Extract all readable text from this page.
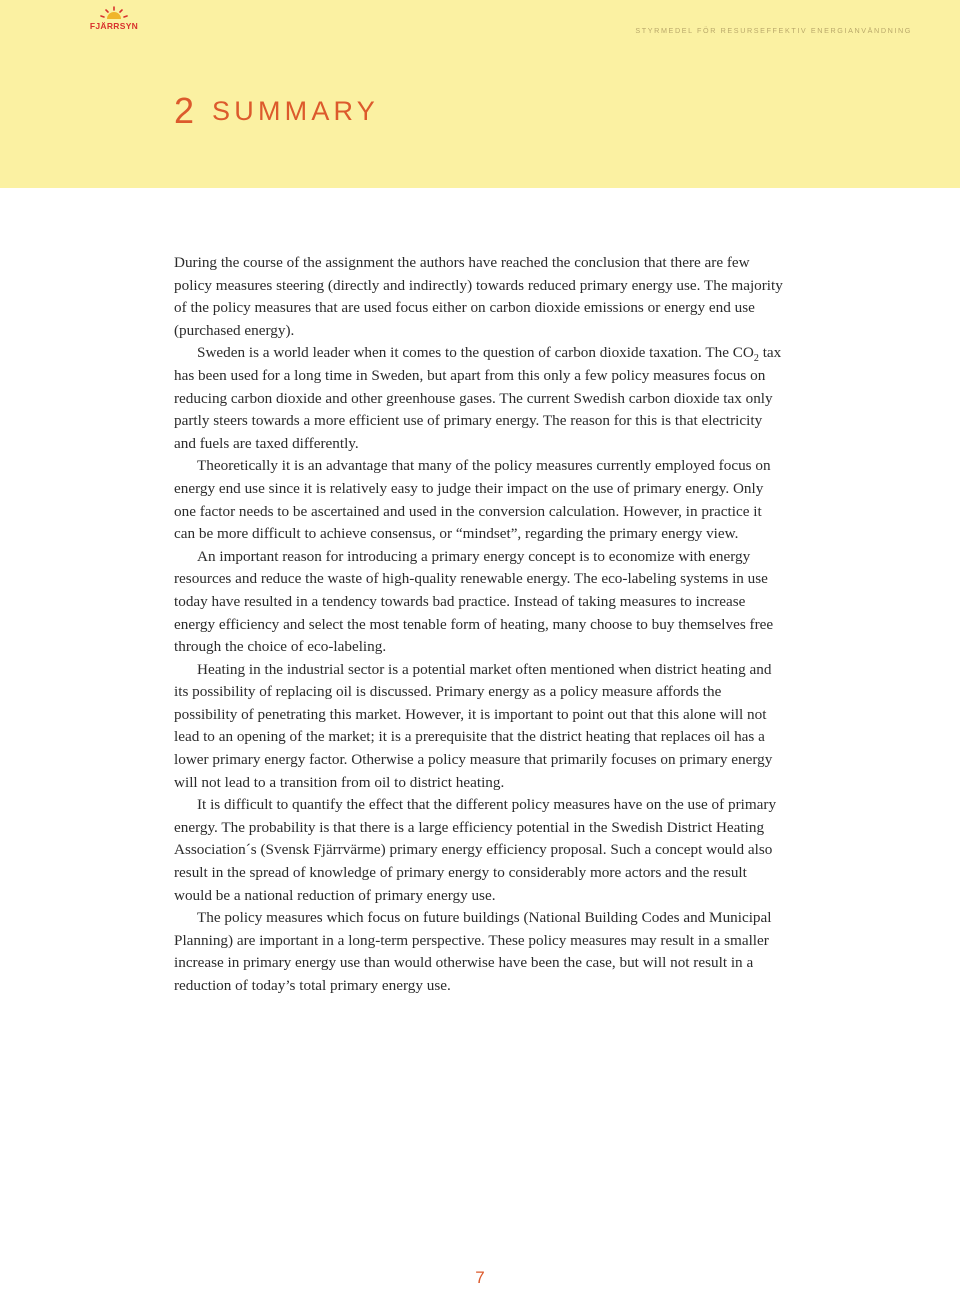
FJÄRRSYN	STYRMEDEL FÖR RESURSEFFEKTIV ENERGIANVÄNDNING
2 SUMMARY

During the course of the assignment the authors have reached the conclusion that there are few policy measures steering (directly and indirectly) towards reduced primary energy use. The majority of the policy measures that are used focus either on carbon dioxide emissions or energy end use (purchased energy).

Sweden is a world leader when it comes to the question of carbon dioxide taxation. The $CO_2$ tax has been used for a long time in Sweden, but apart from this only a few policy measures focus on reducing carbon dioxide and other greenhouse gases. The current Swedish carbon dioxide tax only partly steers towards a more efficient use of primary energy. The reason for this is that electricity and fuels are taxed differently.

Theoretically it is an advantage that many of the policy measures currently employed focus on energy end use since it is relatively easy to judge their impact on the use of primary energy. Only one factor needs to be ascertained and used in the conversion calculation. However, in practice it can be more difficult to achieve consensus, or “mindset”, regarding the primary energy view.

An important reason for introducing a primary energy concept is to economize with energy resources and reduce the waste of high-quality renewable energy. The eco-labeling systems in use today have resulted in a tendency towards bad practice. Instead of taking measures to increase energy efficiency and select the most tenable form of heating, many choose to buy themselves free through the choice of eco-labeling.

Heating in the industrial sector is a potential market often mentioned when district heating and its possibility of replacing oil is discussed. Primary energy as a policy measure affords the possibility of penetrating this market. However, it is important to point out that this alone will not lead to an opening of the market; it is a prerequisite that the district heating that replaces oil has a lower primary energy factor. Otherwise a policy measure that primarily focuses on primary energy will not lead to a transition from oil to district heating.

It is difficult to quantify the effect that the different policy measures have on the use of primary energy. The probability is that there is a large efficiency potential in the Swedish District Heating Association´s (Svensk Fjärrvärme) primary energy efficiency proposal. Such a concept would also result in the spread of knowledge of primary energy to considerably more actors and the result would be a national reduction of primary energy use.

The policy measures which focus on future buildings (National Building Codes and Municipal Planning) are important in a long-term perspective. These policy measures may result in a smaller increase in primary energy use than would otherwise have been the case, but will not result in a reduction of today’s total primary energy use.

7
